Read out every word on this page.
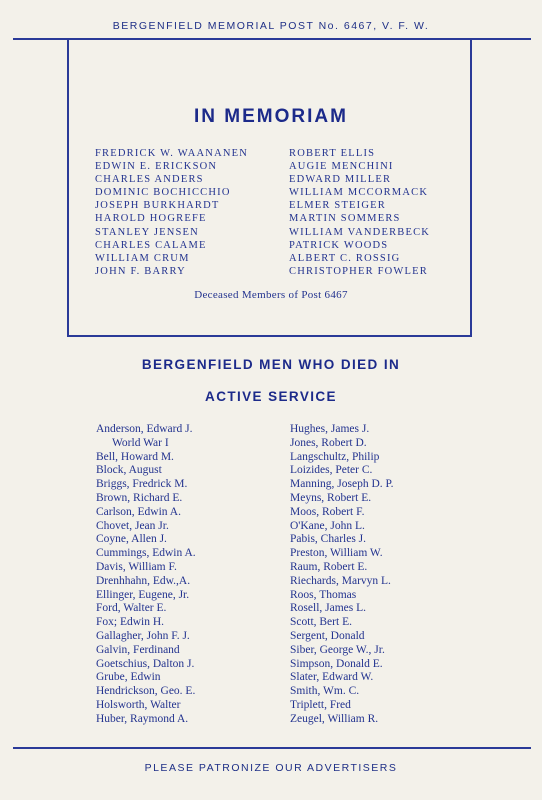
BERGENFIELD MEMORIAL POST No. 6467, V. F. W.
IN MEMORIAM
FREDRICK W. WAANANEN
EDWIN E. ERICKSON
CHARLES ANDERS
DOMINIC BOCHICCHIO
JOSEPH BURKHARDT
HAROLD HOGREFE
STANLEY JENSEN
CHARLES CALAME
WILLIAM CRUM
JOHN F. BARRY
ROBERT ELLIS
AUGIE MENCHINI
EDWARD MILLER
WILLIAM MCCORMACK
ELMER STEIGER
MARTIN SOMMERS
WILLIAM VANDERBECK
PATRICK WOODS
ALBERT C. ROSSIG
CHRISTOPHER FOWLER
Deceased Members of Post 6467
BERGENFIELD MEN WHO DIED IN
ACTIVE SERVICE
Anderson, Edward J.
World War I
Bell, Howard M.
Block, August
Briggs, Fredrick M.
Brown, Richard E.
Carlson, Edwin A.
Chovet, Jean Jr.
Coyne, Allen J.
Cummings, Edwin A.
Davis, William F.
Drenhhahn, Edw.,A.
Ellinger, Eugene, Jr.
Ford, Walter E.
Fox; Edwin H.
Gallagher, John F. J.
Galvin, Ferdinand
Goetschius, Dalton J.
Grube, Edwin
Hendrickson, Geo. E.
Holsworth, Walter
Huber, Raymond A.
Hughes, James J.
Jones, Robert D.
Langschultz, Philip
Loizides, Peter C.
Manning, Joseph D. P.
Meyns, Robert E.
Moos, Robert F.
O'Kane, John L.
Pabis, Charles J.
Preston, William W.
Raum, Robert E.
Riechards, Marvyn L.
Roos, Thomas
Rosell, James L.
Scott, Bert E.
Sergent, Donald
Siber, George W., Jr.
Simpson, Donald E.
Slater, Edward W.
Smith, Wm. C.
Triplett, Fred
Zeugel, William R.
PLEASE PATRONIZE OUR ADVERTISERS
